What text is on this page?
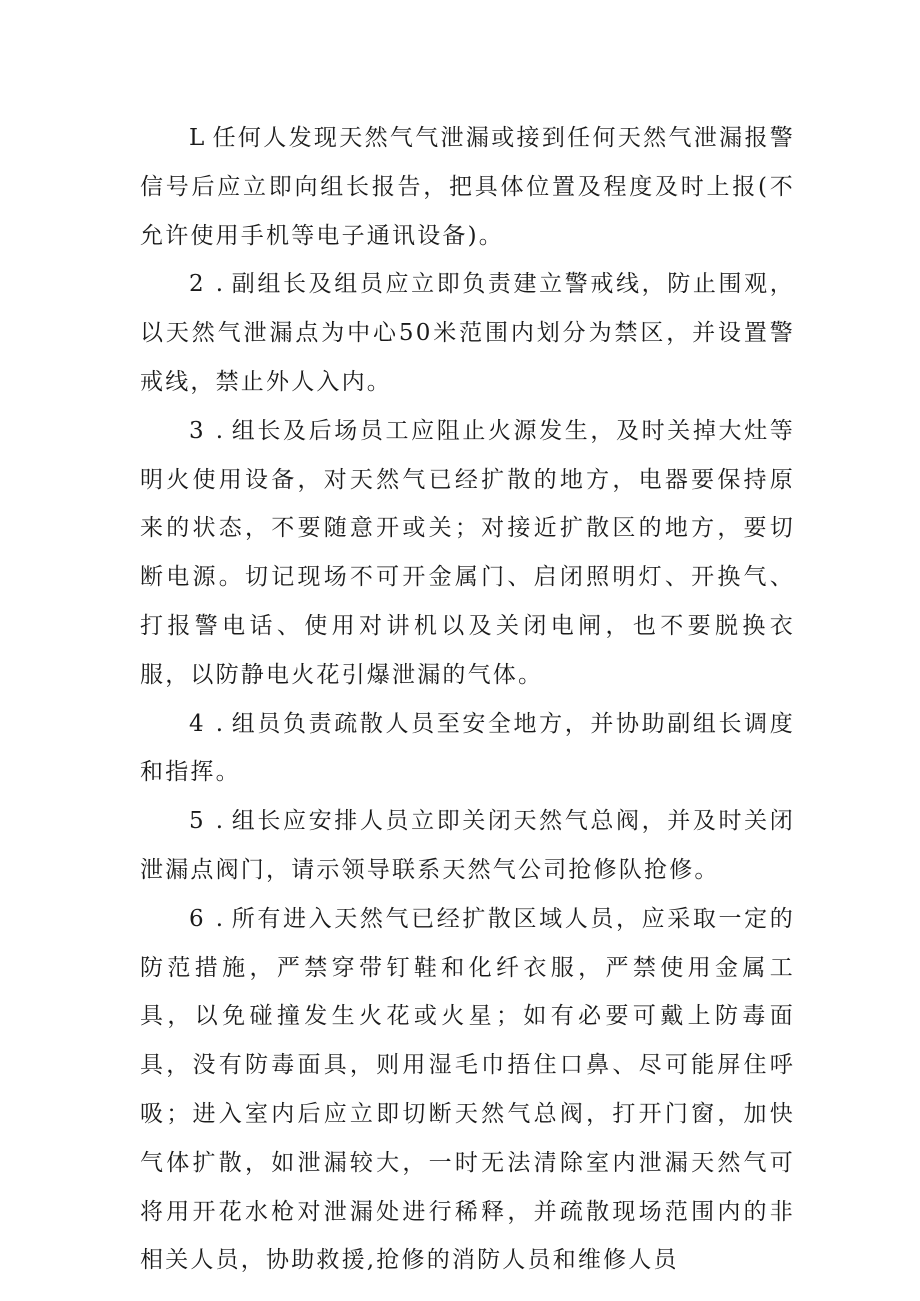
L 任何人发现天然气气泄漏或接到任何天然气泄漏报警信号后应立即向组长报告，把具体位置及程度及时上报(不允许使用手机等电子通讯设备)。

2 . 副组长及组员应立即负责建立警戒线，防止围观，以天然气泄漏点为中心50米范围内划分为禁区，并设置警戒线，禁止外人入内。

3 . 组长及后场员工应阻止火源发生，及时关掉大灶等明火使用设备，对天然气已经扩散的地方，电器要保持原来的状态，不要随意开或关；对接近扩散区的地方，要切断电源。切记现场不可开金属门、启闭照明灯、开换气、打报警电话、使用对讲机以及关闭电闸，也不要脱换衣服，以防静电火花引爆泄漏的气体。

4 . 组员负责疏散人员至安全地方，并协助副组长调度和指挥。

5 . 组长应安排人员立即关闭天然气总阀，并及时关闭泄漏点阀门，请示领导联系天然气公司抢修队抢修。

6 . 所有进入天然气已经扩散区域人员，应采取一定的防范措施，严禁穿带钉鞋和化纤衣服，严禁使用金属工具，以免碰撞发生火花或火星；如有必要可戴上防毒面具，没有防毒面具，则用湿毛巾捂住口鼻、尽可能屏住呼吸；进入室内后应立即切断天然气总阀，打开门窗，加快气体扩散，如泄漏较大，一时无法清除室内泄漏天然气可将用开花水枪对泄漏处进行稀释，并疏散现场范围内的非相关人员，协助救援,抢修的消防人员和维修人员
